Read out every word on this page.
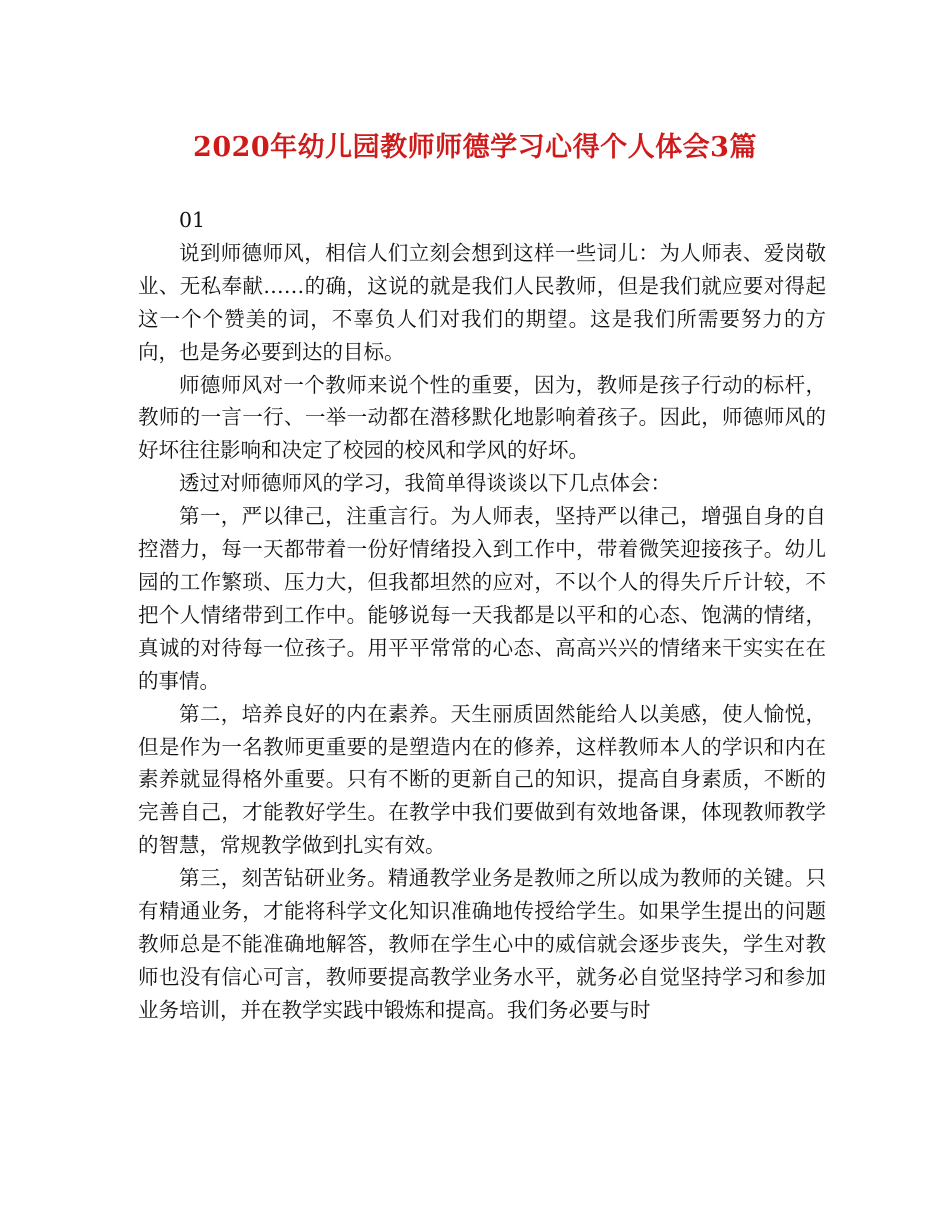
2020年幼儿园教师师德学习心得个人体会3篇

01

说到师德师风，相信人们立刻会想到这样一些词儿：为人师表、爱岗敬业、无私奉献……的确，这说的就是我们人民教师，但是我们就应要对得起这一个个赞美的词，不辜负人们对我们的期望。这是我们所需要努力的方向，也是务必要到达的目标。

师德师风对一个教师来说个性的重要，因为，教师是孩子行动的标杆，教师的一言一行、一举一动都在潜移默化地影响着孩子。因此，师德师风的好坏往往影响和决定了校园的校风和学风的好坏。

透过对师德师风的学习，我简单得谈谈以下几点体会：

第一，严以律己，注重言行。为人师表，坚持严以律己，增强自身的自控潜力，每一天都带着一份好情绪投入到工作中，带着微笑迎接孩子。幼儿园的工作繁琐、压力大，但我都坦然的应对，不以个人的得失斤斤计较，不把个人情绪带到工作中。能够说每一天我都是以平和的心态、饱满的情绪，真诚的对待每一位孩子。用平平常常的心态、高高兴兴的情绪来干实实在在的事情。

第二，培养良好的内在素养。天生丽质固然能给人以美感，使人愉悦，但是作为一名教师更重要的是塑造内在的修养，这样教师本人的学识和内在素养就显得格外重要。只有不断的更新自己的知识，提高自身素质，不断的完善自己，才能教好学生。在教学中我们要做到有效地备课，体现教师教学的智慧，常规教学做到扎实有效。

第三，刻苦钻研业务。精通教学业务是教师之所以成为教师的关键。只有精通业务，才能将科学文化知识准确地传授给学生。如果学生提出的问题教师总是不能准确地解答，教师在学生心中的威信就会逐步丧失，学生对教师也没有信心可言，教师要提高教学业务水平，就务必自觉坚持学习和参加业务培训，并在教学实践中锻炼和提高。我们务必要与时
